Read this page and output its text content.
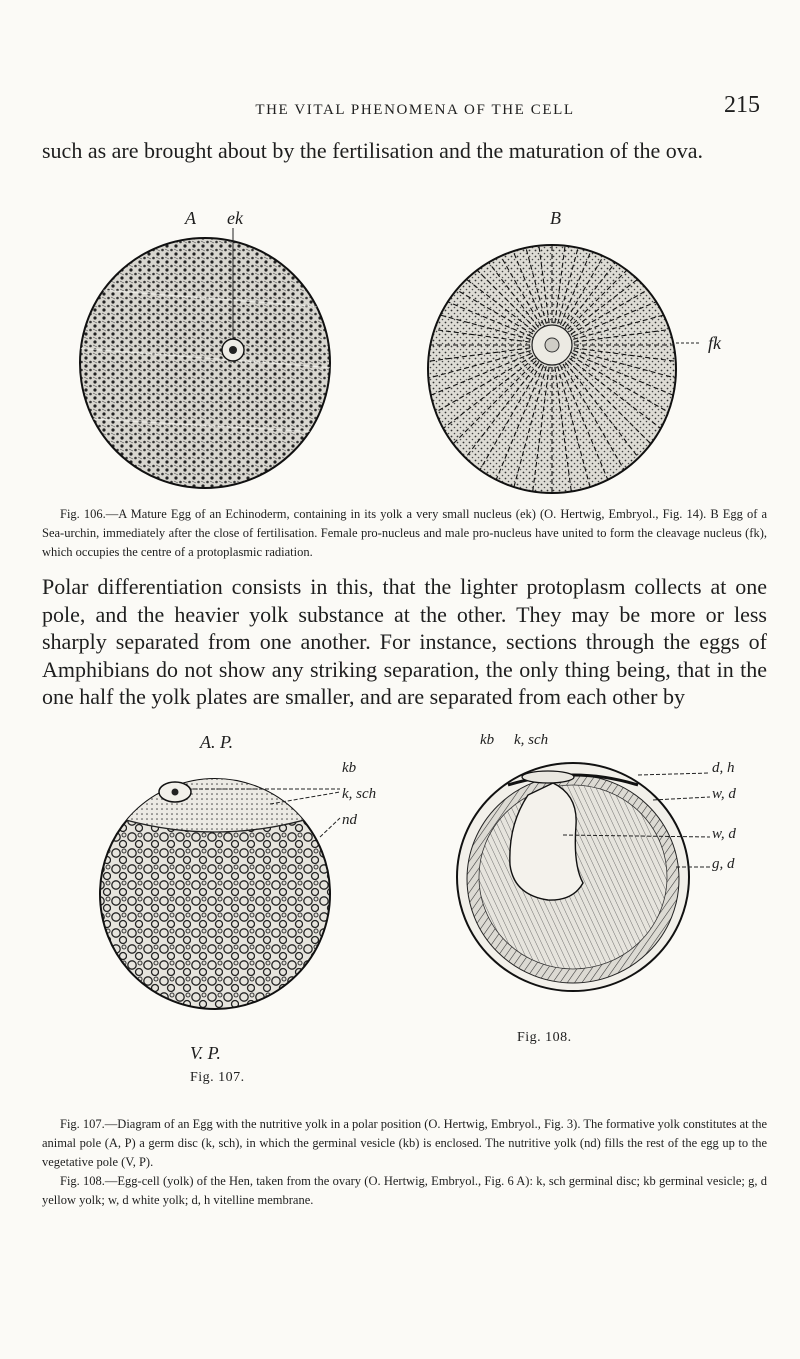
THE VITAL PHENOMENA OF THE CELL	215
such as are brought about by the fertilisation and the maturation of the ova.
A ek	B
fk
Fig. 106.—A Mature Egg of an Echinoderm, containing in its yolk a very small nucleus (ek) (O. Hertwig, Embryol., Fig. 14). B Egg of a Sea-urchin, immediately after the close of fertilisation. Female pro-nucleus and male pro-nucleus have united to form the cleavage nucleus (fk), which occupies the centre of a protoplasmic radiation.
Polar differentiation consists in this, that the lighter protoplasm collects at one pole, and the heavier yolk substance at the other. They may be more or less sharply separated from one another. For instance, sections through the eggs of Amphibians do not show any striking separation, the only thing being, that in the one half the yolk plates are smaller, and are separated from each other by
A. P.
kb
k, sch
nd
V. P.
Fig. 107.
kb k, sch
d, h
w, d
w, d
g, d
Fig. 108.

Fig. 107.—Diagram of an Egg with the nutritive yolk in a polar position (O. Hertwig, Embryol., Fig. 3). The formative yolk constitutes at the animal pole (A, P) a germ disc (k, sch), in which the germinal vesicle (kb) is enclosed. The nutritive yolk (nd) fills the rest of the egg up to the vegetative pole (V, P).

Fig. 108.—Egg-cell (yolk) of the Hen, taken from the ovary (O. Hertwig, Embryol., Fig. 6 A): k, sch germinal disc; kb germinal vesicle; g, d yellow yolk; w, d white yolk; d, h vitelline membrane.
